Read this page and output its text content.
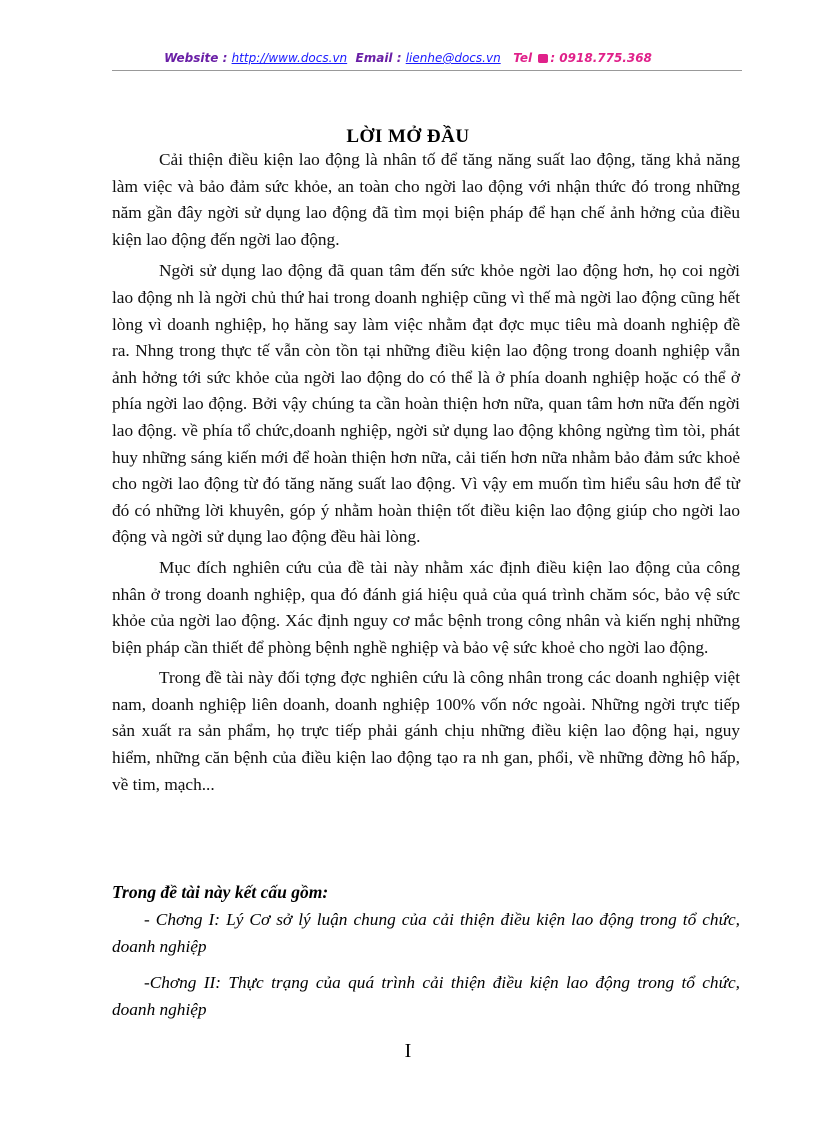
Website : http://www.docs.vn Email : lienhe@docs.vn Tel : 0918.775.368
LỜI MỞ ĐẦU

Cải thiện điều kiện lao động là nhân tố để tăng năng suất lao động, tăng khả năng làm việc và bảo đảm sức khỏe, an toàn cho ngời lao động với nhận thức đó trong những năm gần đây ngời sử dụng lao động đã tìm mọi biện pháp để hạn chế ảnh hởng của điều kiện lao động đến ngời lao động.

Ngời sử dụng lao động đã quan tâm đến sức khỏe ngời lao động hơn, họ coi ngời lao động nh là ngời chủ thứ hai trong doanh nghiệp cũng vì thế mà ngời lao động cũng hết lòng vì doanh nghiệp, họ hăng say làm việc nhằm đạt đợc mục tiêu mà doanh nghiệp đề ra. Nhng trong thực tế vẫn còn tồn tại những điều kiện lao động trong doanh nghiệp vẫn ảnh hởng tới sức khỏe của ngời lao động do có thể là ở phía doanh nghiệp hoặc có thể ở phía ngời lao động. Bởi vậy chúng ta cần hoàn thiện hơn nữa, quan tâm hơn nữa đến ngời lao động. về phía tổ chức,doanh nghiệp, ngời sử dụng lao động không ngừng tìm tòi, phát huy những sáng kiến mới để hoàn thiện hơn nữa, cải tiến hơn nữa nhằm bảo đảm sức khoẻ cho ngời lao động từ đó tăng năng suất lao động. Vì vậy em muốn tìm hiểu sâu hơn để từ đó có những lời khuyên, góp ý nhằm hoàn thiện tốt điều kiện lao động giúp cho ngời lao động và ngời sử dụng lao động đều hài lòng.

Mục đích nghiên cứu của đề tài này nhằm xác định điều kiện lao động của công nhân ở trong doanh nghiệp, qua đó đánh giá hiệu quả của quá trình chăm sóc, bảo vệ sức khỏe của ngời lao động. Xác định nguy cơ mắc bệnh trong công nhân và kiến nghị những biện pháp cần thiết để phòng bệnh nghề nghiệp và bảo vệ sức khoẻ cho ngời lao động.

Trong đề tài này đối tợng đợc nghiên cứu là công nhân trong các doanh nghiệp việt nam, doanh nghiệp liên doanh, doanh nghiệp 100% vốn nớc ngoài. Những ngời trực tiếp sản xuất ra sản phẩm, họ trực tiếp phải gánh chịu những điều kiện lao động hại, nguy hiểm, những căn bệnh của điều kiện lao động tạo ra nh gan, phổi, về những đờng hô hấp, về tim, mạch...

Trong đề tài này kết cấu gồm:

- Chơng I: Lý Cơ sở lý luận chung của cải thiện điều kiện lao động trong tổ chức, doanh nghiệp

-Chơng II: Thực trạng của quá trình cải thiện điều kiện lao động trong tổ chức, doanh nghiệp

I
